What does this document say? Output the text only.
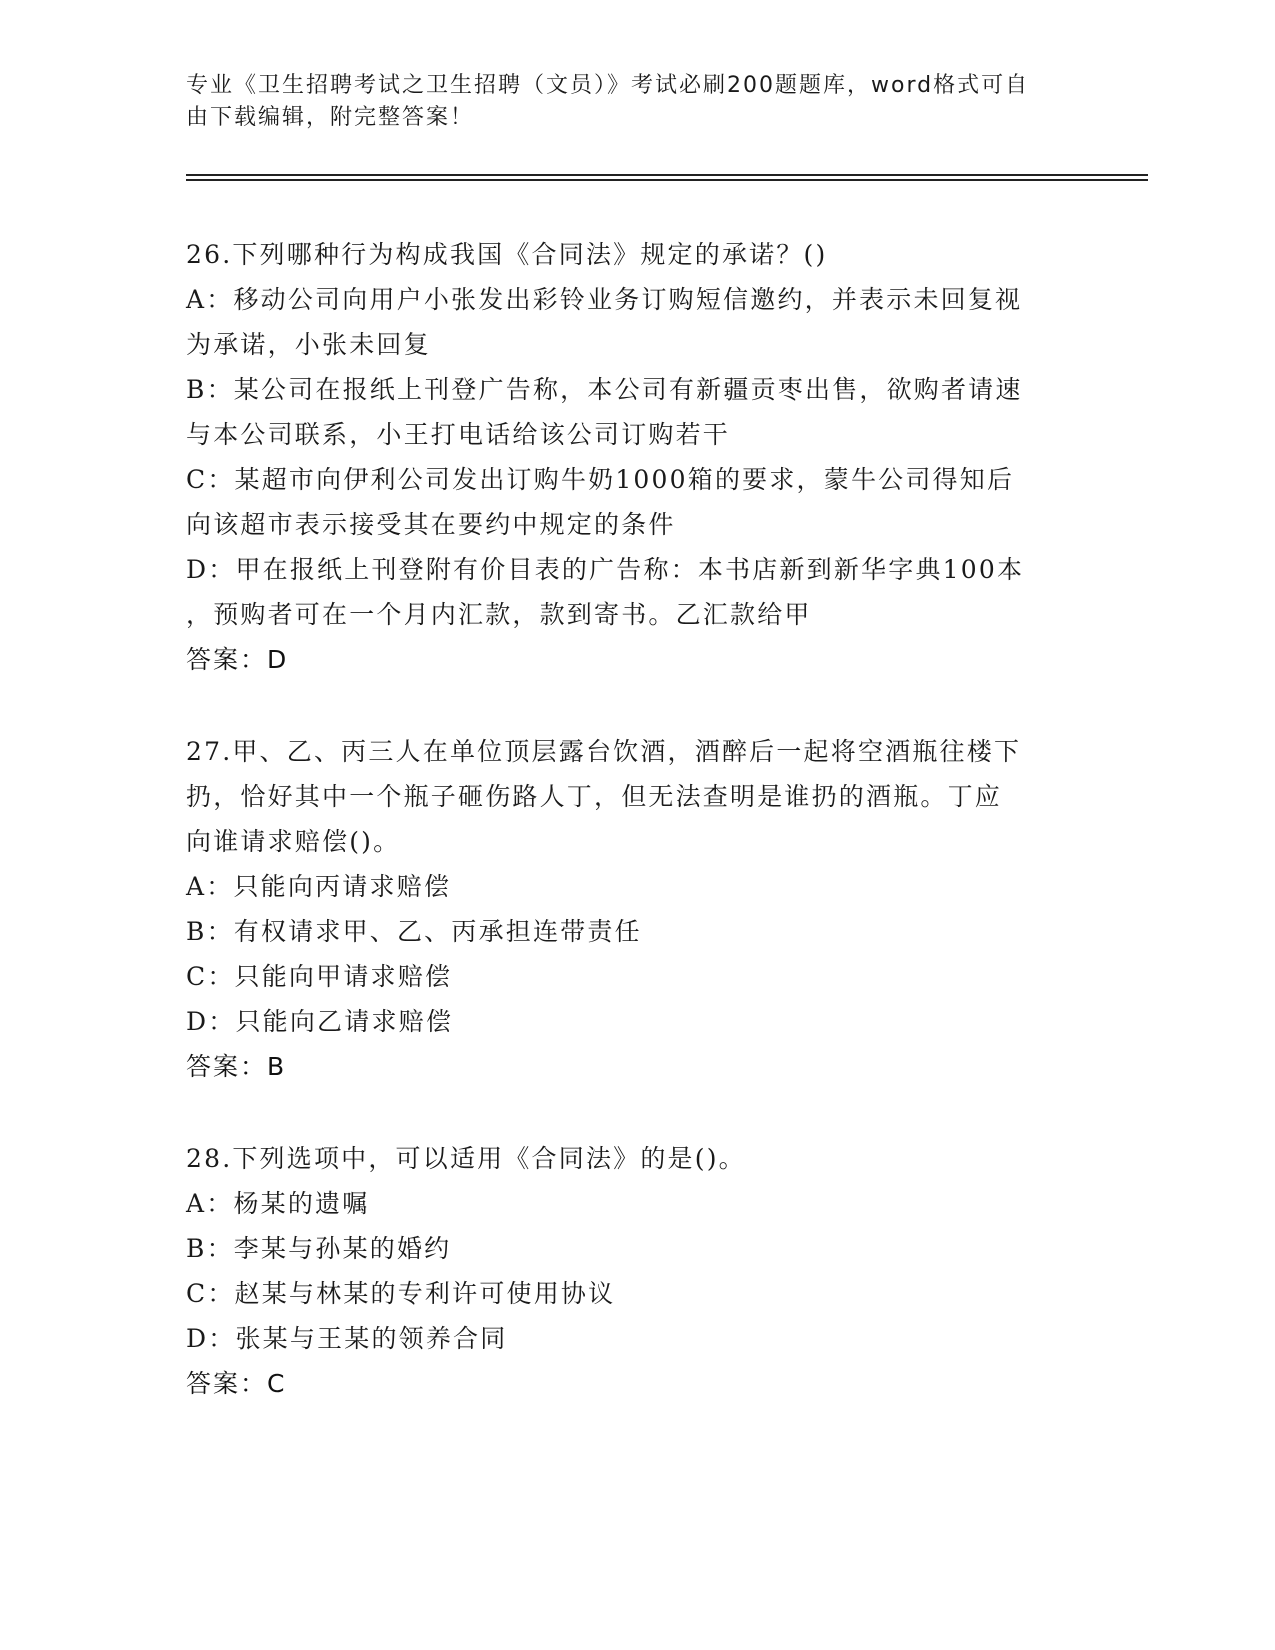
专业《卫生招聘考试之卫生招聘（文员）》考试必刷200题题库，word格式可自
由下载编辑，附完整答案！
26.下列哪种行为构成我国《合同法》规定的承诺？()
A：移动公司向用户小张发出彩铃业务订购短信邀约，并表示未回复视
为承诺，小张未回复
B：某公司在报纸上刊登广告称，本公司有新疆贡枣出售，欲购者请速
与本公司联系，小王打电话给该公司订购若干
C：某超市向伊利公司发出订购牛奶1000箱的要求，蒙牛公司得知后
向该超市表示接受其在要约中规定的条件
D：甲在报纸上刊登附有价目表的广告称：本书店新到新华字典100本
，预购者可在一个月内汇款，款到寄书。乙汇款给甲
答案：D
27.甲、乙、丙三人在单位顶层露台饮酒，酒醉后一起将空酒瓶往楼下
扔，恰好其中一个瓶子砸伤路人丁，但无法查明是谁扔的酒瓶。丁应
向谁请求赔偿()。
A：只能向丙请求赔偿
B：有权请求甲、乙、丙承担连带责任
C：只能向甲请求赔偿
D：只能向乙请求赔偿
答案：B
28.下列选项中，可以适用《合同法》的是()。
A：杨某的遗嘱
B：李某与孙某的婚约
C：赵某与林某的专利许可使用协议
D：张某与王某的领养合同
答案：C
